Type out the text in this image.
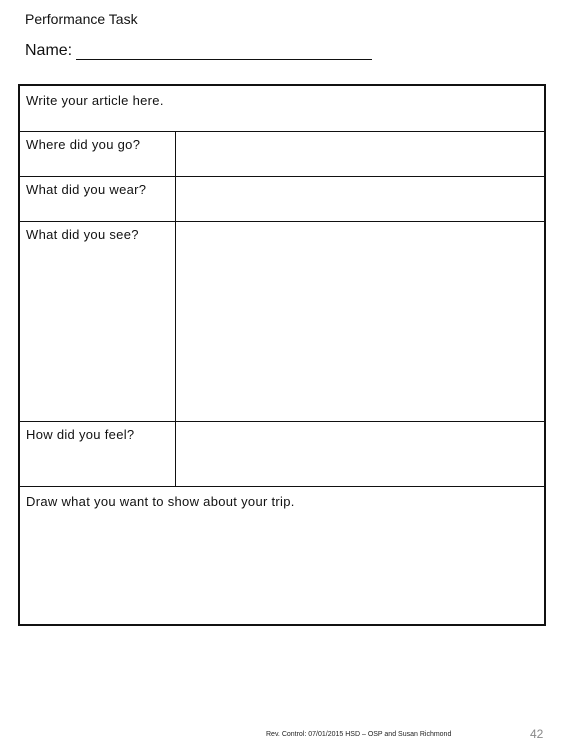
Performance Task
Name:
Write your article here.
Where did you go?
What did you wear?
What did you see?
How did you feel?
Draw what you want to show about your trip.
Rev. Control: 07/01/2015 HSD – OSP and Susan Richmond	42
